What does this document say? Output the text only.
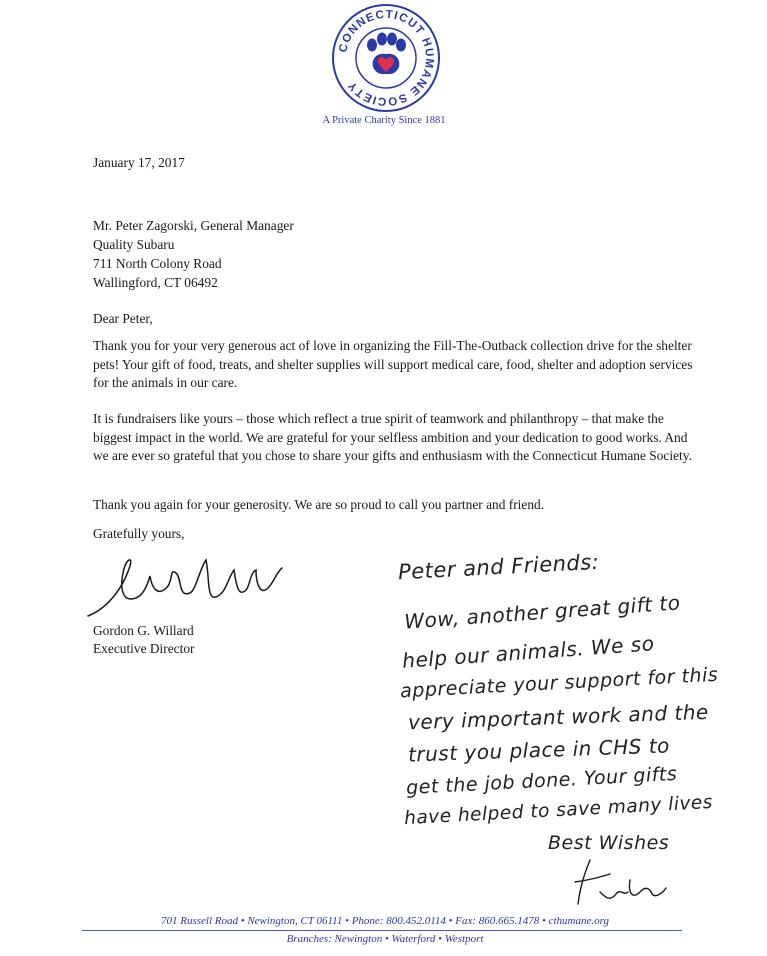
CONNECTICUT HUMANE SOCIETY
A Private Charity Since 1881
January 17, 2017
Mr. Peter Zagorski, General Manager
Quality Subaru
711 North Colony Road
Wallingford, CT 06492
Dear Peter,
Thank you for your very generous act of love in organizing the Fill-The-Outback collection drive for the shelter pets! Your gift of food, treats, and shelter supplies will support medical care, food, shelter and adoption services for the animals in our care.
It is fundraisers like yours – those which reflect a true spirit of teamwork and philanthropy – that make the biggest impact in the world. We are grateful for your selfless ambition and your dedication to good works. And we are ever so grateful that you chose to share your gifts and enthusiasm with the Connecticut Humane Society.
Thank you again for your generosity. We are so proud to call you partner and friend.
Gratefully yours,
Gordon G. Willard
Executive Director
Peter and Friends:
Wow, another great gift to
help our animals. We so
appreciate your support for this
very important work and the
trust you place in CHS to
get the job done. Your gifts
have helped to save many lives
Best Wishes
701 Russell Road • Newington, CT 06111 • Phone: 800.452.0114 • Fax: 860.665.1478 • cthumane.org
Branches: Newington • Waterford • Westport
